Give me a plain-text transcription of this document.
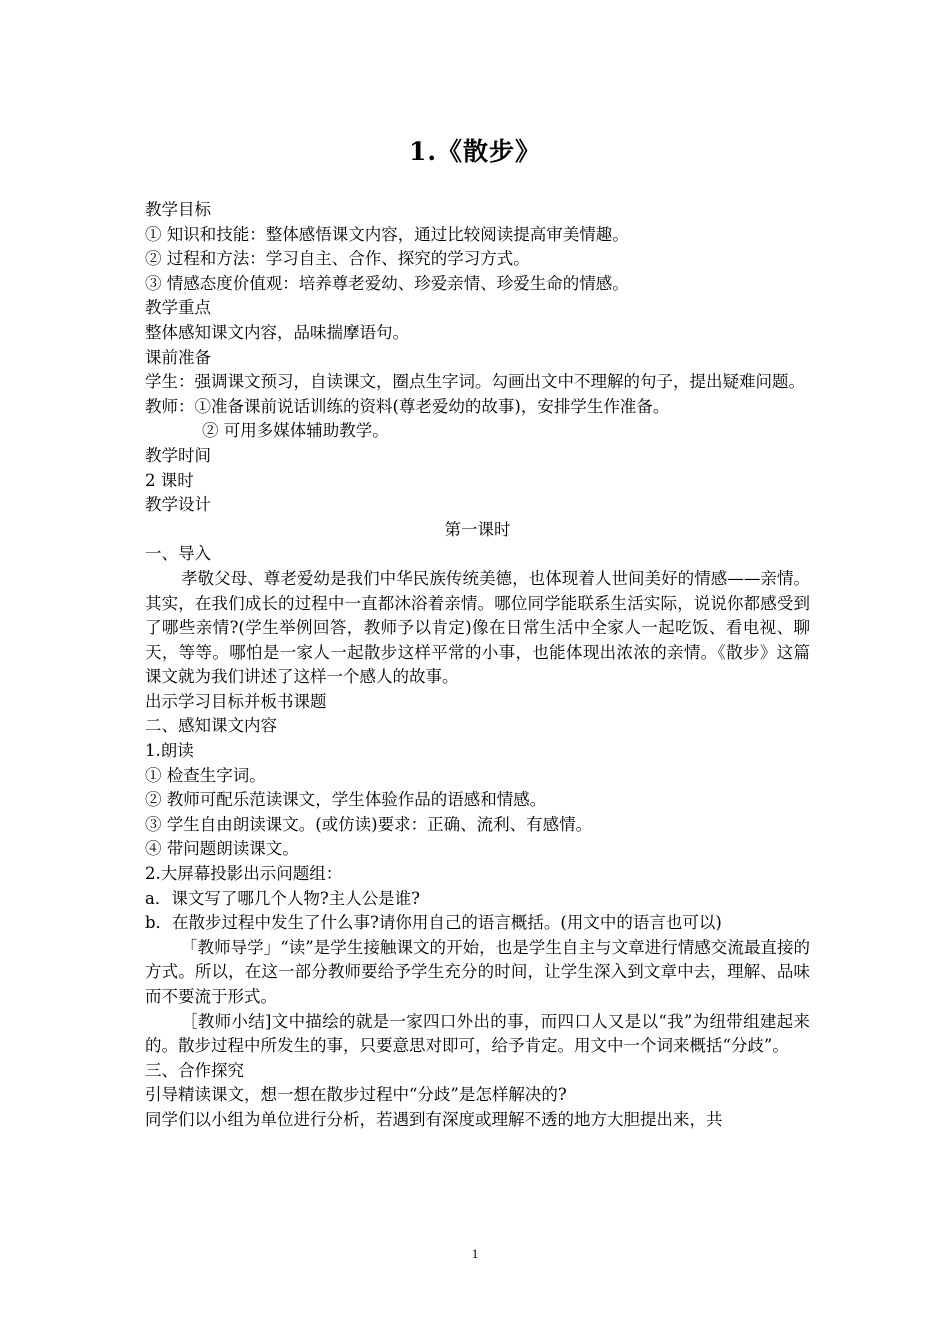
1.《散步》
教学目标
① 知识和技能：整体感悟课文内容，通过比较阅读提高审美情趣。
② 过程和方法：学习自主、合作、探究的学习方式。
③ 情感态度价值观：培养尊老爱幼、珍爱亲情、珍爱生命的情感。
教学重点
整体感知课文内容，品味揣摩语句。
课前准备
学生：强调课文预习，自读课文，圈点生字词。勾画出文中不理解的句子，提出疑难问题。
教师：①准备课前说话训练的资料(尊老爱幼的故事)，安排学生作准备。
② 可用多媒体辅助教学。
教学时间
2 课时
教学设计
第一课时
一、导入
孝敬父母、尊老爱幼是我们中华民族传统美德，也体现着人世间美好的情感——亲情。其实，在我们成长的过程中一直都沐浴着亲情。哪位同学能联系生活实际，说说你都感受到了哪些亲情?(学生举例回答，教师予以肯定)像在日常生活中全家人一起吃饭、看电视、聊天，等等。哪怕是一家人一起散步这样平常的小事，也能体现出浓浓的亲情。《散步》这篇课文就为我们讲述了这样一个感人的故事。
出示学习目标并板书课题
二、感知课文内容
1.朗读
① 检查生字词。
② 教师可配乐范读课文，学生体验作品的语感和情感。
③ 学生自由朗读课文。(或仿读)要求：正确、流利、有感情。
④ 带问题朗读课文。
2.大屏幕投影出示问题组：
a．课文写了哪几个人物?主人公是谁?
b．在散步过程中发生了什么事?请你用自己的语言概括。(用文中的语言也可以)
「教师导学」“读”是学生接触课文的开始，也是学生自主与文章进行情感交流最直接的方式。所以，在这一部分教师要给予学生充分的时间，让学生深入到文章中去，理解、品味而不要流于形式。
［教师小结]文中描绘的就是一家四口外出的事，而四口人又是以“我”为纽带组建起来的。散步过程中所发生的事，只要意思对即可，给予肯定。用文中一个词来概括“分歧”。
三、合作探究
引导精读课文，想一想在散步过程中“分歧”是怎样解决的?
同学们以小组为单位进行分析，若遇到有深度或理解不透的地方大胆提出来，共
1
